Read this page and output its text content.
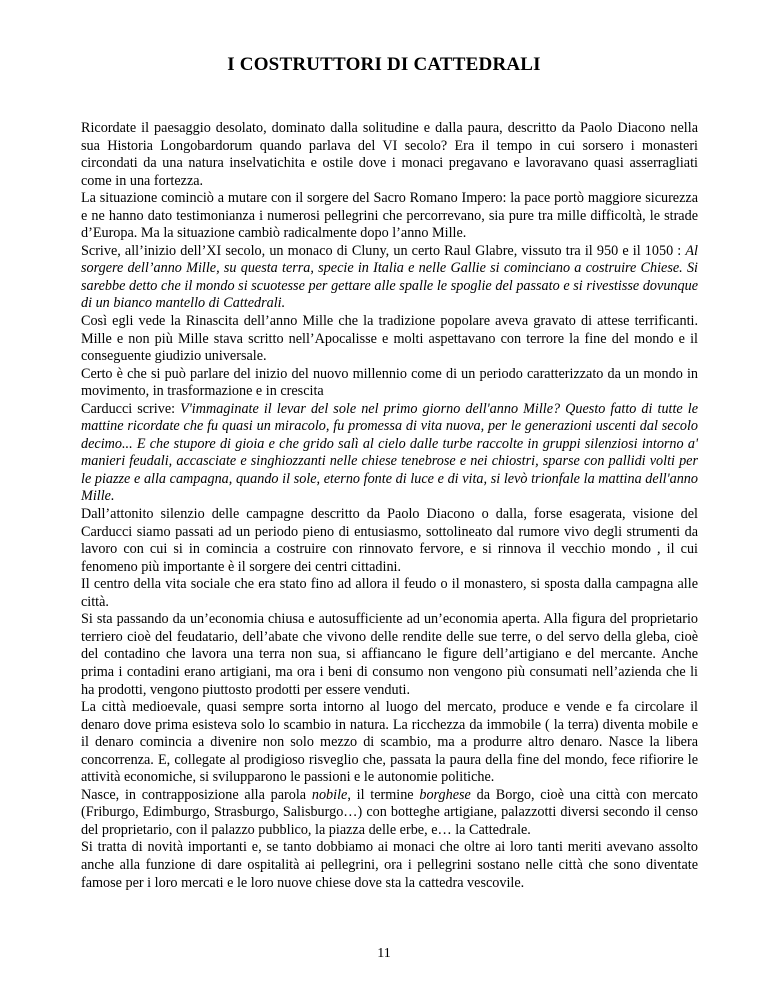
I COSTRUTTORI DI CATTEDRALI

Ricordate il paesaggio desolato, dominato dalla solitudine e dalla paura, descritto da Paolo Diacono nella sua Historia Longobardorum quando parlava del VI secolo? Era il tempo in cui sorsero i monasteri circondati da una natura inselvatichita e ostile dove i monaci pregavano e lavoravano quasi asserragliati come in una fortezza.

La situazione cominciò a mutare con il sorgere del Sacro Romano Impero: la pace portò maggiore sicurezza e ne hanno dato testimonianza i numerosi pellegrini che percorrevano, sia pure tra mille difficoltà, le strade d’Europa. Ma la situazione cambiò radicalmente dopo l’anno Mille.

Scrive, all’inizio dell’XI secolo, un monaco di Cluny, un certo Raul Glabre, vissuto tra il 950 e il 1050 : Al sorgere dell’anno Mille, su questa terra, specie in Italia e nelle Gallie si cominciano a costruire Chiese. Si sarebbe detto che il mondo si scuotesse per gettare alle spalle le spoglie del passato e si rivestisse dovunque di un bianco mantello di Cattedrali.

Così egli vede la Rinascita dell’anno Mille che la tradizione popolare aveva gravato di attese terrificanti. Mille e non più Mille stava scritto nell’Apocalisse e molti aspettavano con terrore la fine del mondo e il conseguente giudizio universale.

Certo è che si può parlare del inizio del nuovo millennio come di un periodo caratterizzato da un mondo in movimento, in trasformazione e in crescita

Carducci scrive: V'immaginate il levar del sole nel primo giorno dell'anno Mille? Questo fatto di tutte le mattine ricordate che fu quasi un miracolo, fu promessa di vita nuova, per le generazioni uscenti dal secolo decimo... E che stupore di gioia e che grido salì al cielo dalle turbe raccolte in gruppi silenziosi intorno a' manieri feudali, accasciate e singhiozzanti nelle chiese tenebrose e nei chiostri, sparse con pallidi volti per le piazze e alla campagna, quando il sole, eterno fonte di luce e di vita, si levò trionfale la mattina dell'anno Mille.

Dall’attonito silenzio delle campagne descritto da Paolo Diacono o dalla, forse esagerata, visione del Carducci siamo passati ad un periodo pieno di entusiasmo, sottolineato dal rumore vivo degli strumenti da lavoro con cui si in comincia a costruire con rinnovato fervore, e si rinnova il vecchio mondo , il cui fenomeno più importante è il sorgere dei centri cittadini.

Il centro della vita sociale che era stato fino ad allora il feudo o il monastero, si sposta dalla campagna alle città.

Si sta passando da un’economia chiusa e autosufficiente ad un’economia aperta. Alla figura del proprietario terriero cioè del feudatario, dell’abate che vivono delle rendite delle sue terre, o del servo della gleba, cioè del contadino che lavora una terra non sua, si affiancano le figure dell’artigiano e del mercante. Anche prima i contadini erano artigiani, ma ora i beni di consumo non vengono più consumati nell’azienda che li ha prodotti, vengono piuttosto prodotti per essere venduti.

La città medioevale, quasi sempre sorta intorno al luogo del mercato, produce e vende e fa circolare il denaro dove prima esisteva solo lo scambio in natura. La ricchezza da immobile ( la terra) diventa mobile e il denaro comincia a divenire non solo mezzo di scambio, ma a produrre altro denaro. Nasce la libera concorrenza. E, collegate al prodigioso risveglio che, passata la paura della fine del mondo, fece rifiorire le attività economiche, si svilupparono le passioni e le autonomie politiche.

Nasce, in contrapposizione alla parola nobile, il termine borghese da Borgo, cioè una città con mercato (Friburgo, Edimburgo, Strasburgo, Salisburgo…) con botteghe artigiane, palazzotti diversi secondo il censo del proprietario, con il palazzo pubblico, la piazza delle erbe, e… la Cattedrale.

Si tratta di novità importanti e, se tanto dobbiamo ai monaci che oltre ai loro tanti meriti avevano assolto anche alla funzione di dare ospitalità ai pellegrini, ora i pellegrini sostano nelle città che sono diventate famose per i loro mercati e le loro nuove chiese dove sta la cattedra vescovile.

11
